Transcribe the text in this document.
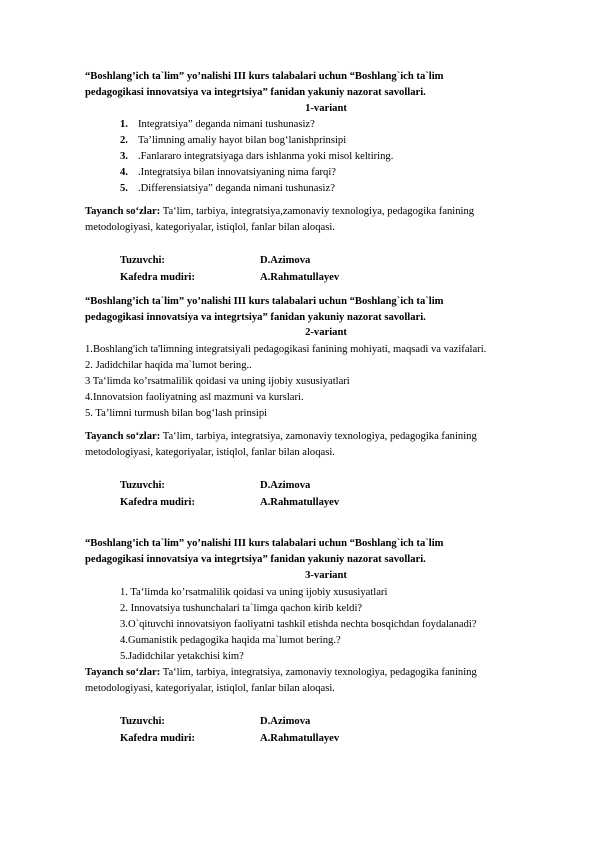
“Boshlang’ich ta`lim” yo’nalishi III kurs talabalari uchun “Boshlang`ich ta`lim
pedagogikasi innovatsiya va integrtsiya” fanidan yakuniy nazorat savollari.
1-variant
1. Integratsiya” deganda nimani tushunasiz?
2. Ta’limning amaliy hayot bilan bog‘lanishprinsipi
3. .Fanlararo integratsiyaga dars ishlanma yoki misol keltiring.
4. .Integratsiya bilan innovatsiyaning nima farqi?
5. .Differensiatsiya” deganda nimani tushunasiz?
Tayanch so‘zlar: Ta‘lim, tarbiya, integratsiya,zamonaviy texnologiya, pedagogika fanining
metodologiyasi, kategoriyalar, istiqlol, fanlar bilan aloqasi.
Tuzuvchi:	D.Azimova
Kafedra mudiri:	A.Rahmatullayev
“Boshlang’ich ta`lim” yo’nalishi III kurs talabalari uchun “Boshlang`ich ta`lim
pedagogikasi innovatsiya va integrtsiya” fanidan yakuniy nazorat savollari.
2-variant
1.Boshlang'ich ta'limning integratsiyali pedagogikasi fanining mohiyati, maqsadi va vazifalari.
2. Jadidchilar haqida ma`lumot bering..
3 Ta‘limda ko’rsatmalilik qoidasi va uning ijobiy xususiyatlari
4.Innovatsion faoliyatning asl mazmuni va kurslari.
5. Ta’limni turmush bilan bog‘lash prinsipi
Tayanch so‘zlar: Ta‘lim, tarbiya, integratsiya, zamonaviy texnologiya, pedagogika fanining
metodologiyasi, kategoriyalar, istiqlol, fanlar bilan aloqasi.
Tuzuvchi:	D.Azimova
Kafedra mudiri:	A.Rahmatullayev
“Boshlang’ich ta`lim” yo’nalishi III kurs talabalari uchun “Boshlang`ich ta`lim
pedagogikasi innovatsiya va integrtsiya” fanidan yakuniy nazorat savollari.
3-variant
1. Ta‘limda ko’rsatmalilik qoidasi va uning ijobiy xususiyatlari
2. Innovatsiya tushunchalari ta`limga qachon kirib keldi?
3.O`qituvchi innovatsiyon faoliyatni tashkil etishda nechta bosqichdan foydalanadi?
4.Gumanistik pedagogika haqida ma`lumot bering.?
5.Jadidchilar yetakchisi kim?
Tayanch so‘zlar: Ta‘lim, tarbiya, integratsiya, zamonaviy texnologiya, pedagogika fanining
metodologiyasi, kategoriyalar, istiqlol, fanlar bilan aloqasi.
Tuzuvchi:	D.Azimova
Kafedra mudiri:	A.Rahmatullayev
